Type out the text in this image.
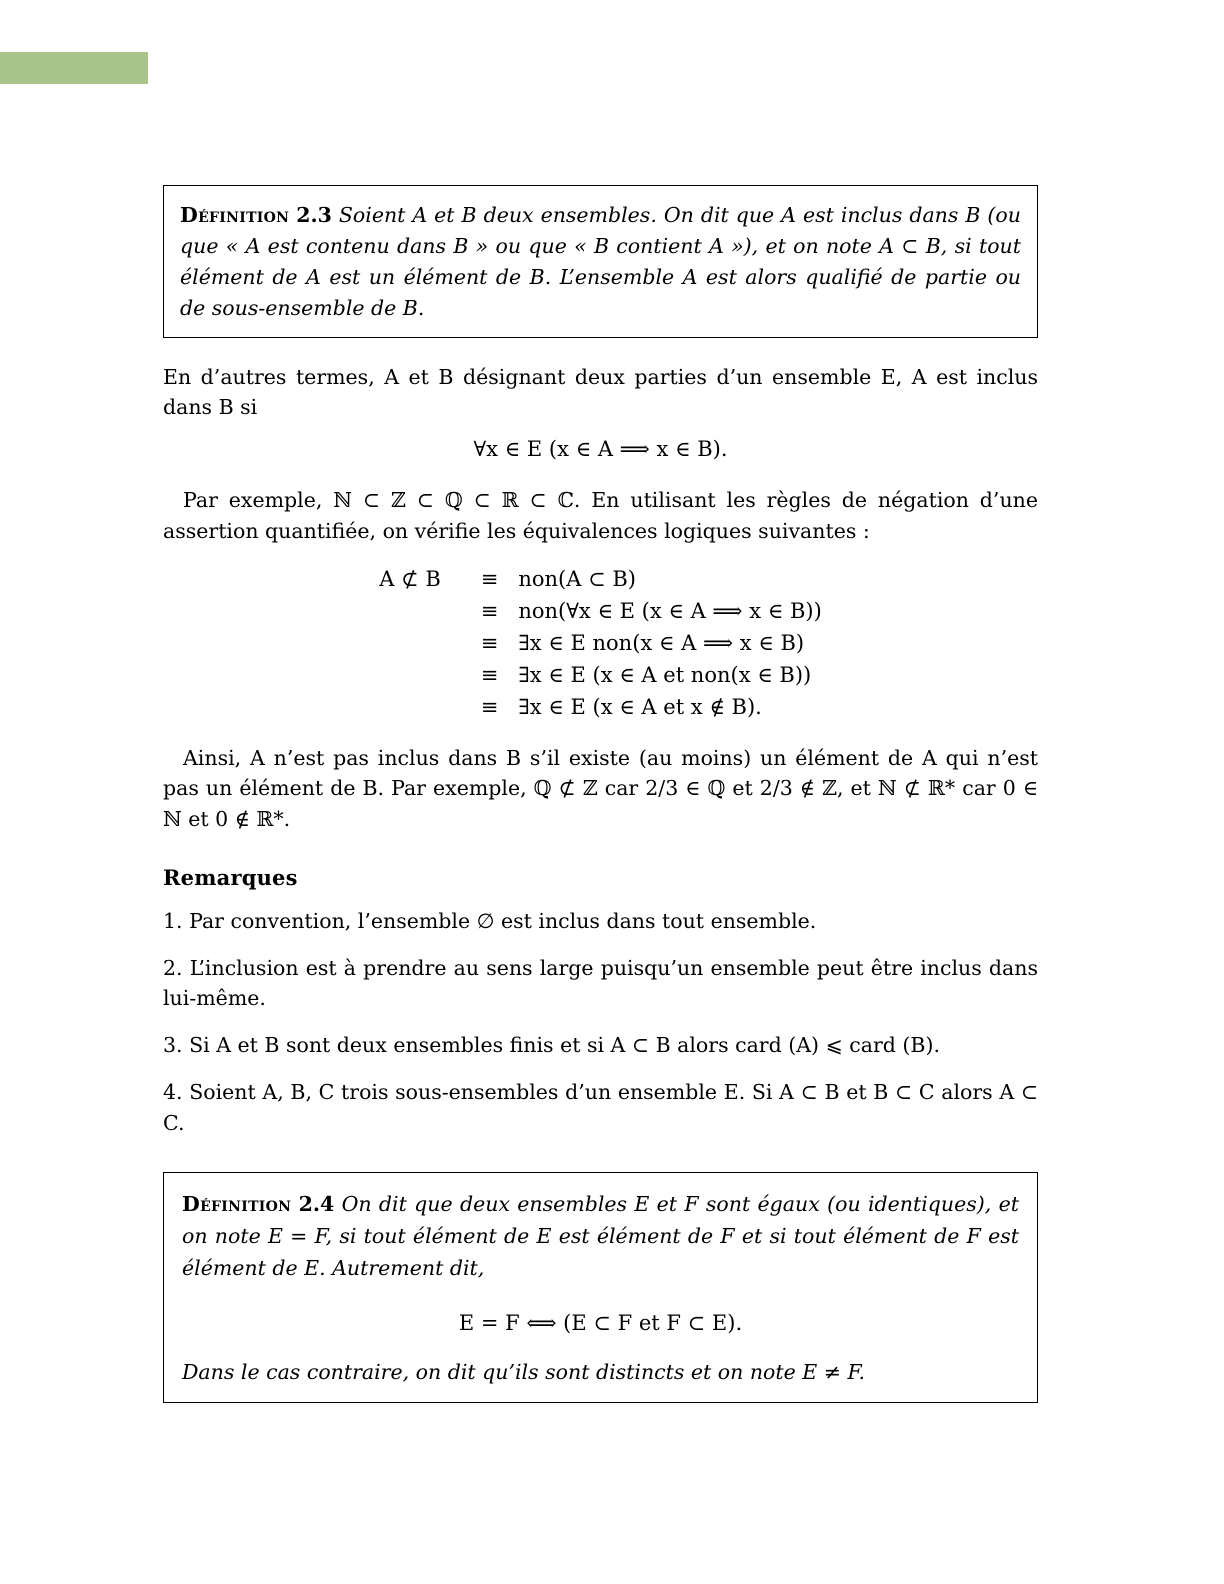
Définition 2.3 Soient A et B deux ensembles. On dit que A est inclus dans B (ou que « A est contenu dans B » ou que « B contient A »), et on note A ⊂ B, si tout élément de A est un élément de B. L’ensemble A est alors qualifié de partie ou de sous-ensemble de B.

En d’autres termes, A et B désignant deux parties d’un ensemble E, A est inclus dans B si

∀x ∈ E (x ∈ A ⟹ x ∈ B).

Par exemple, ℕ ⊂ ℤ ⊂ ℚ ⊂ ℝ ⊂ ℂ. En utilisant les règles de négation d’une assertion quantifiée, on vérifie les équivalences logiques suivantes :

A ⊄ B	≡	non(A ⊂ B)
	≡	non(∀x ∈ E (x ∈ A ⟹ x ∈ B))
	≡	∃x ∈ E non(x ∈ A ⟹ x ∈ B)
	≡	∃x ∈ E (x ∈ A et non(x ∈ B))
	≡	∃x ∈ E (x ∈ A et x ∉ B).

Ainsi, A n’est pas inclus dans B s’il existe (au moins) un élément de A qui n’est pas un élément de B. Par exemple, ℚ ⊄ ℤ car 2/3 ∈ ℚ et 2/3 ∉ ℤ, et ℕ ⊄ ℝ* car 0 ∈ ℕ et 0 ∉ ℝ*.

Remarques

1. Par convention, l’ensemble ∅ est inclus dans tout ensemble.

2. L’inclusion est à prendre au sens large puisqu’un ensemble peut être inclus dans lui-même.

3. Si A et B sont deux ensembles finis et si A ⊂ B alors card (A) ⩽ card (B).

4. Soient A, B, C trois sous-ensembles d’un ensemble E. Si A ⊂ B et B ⊂ C alors A ⊂ C.

Définition 2.4 On dit que deux ensembles E et F sont égaux (ou identiques), et on note E = F, si tout élément de E est élément de F et si tout élément de F est élément de E. Autrement dit,

E = F ⟺ (E ⊂ F et F ⊂ E).

Dans le cas contraire, on dit qu’ils sont distincts et on note E ≠ F.
